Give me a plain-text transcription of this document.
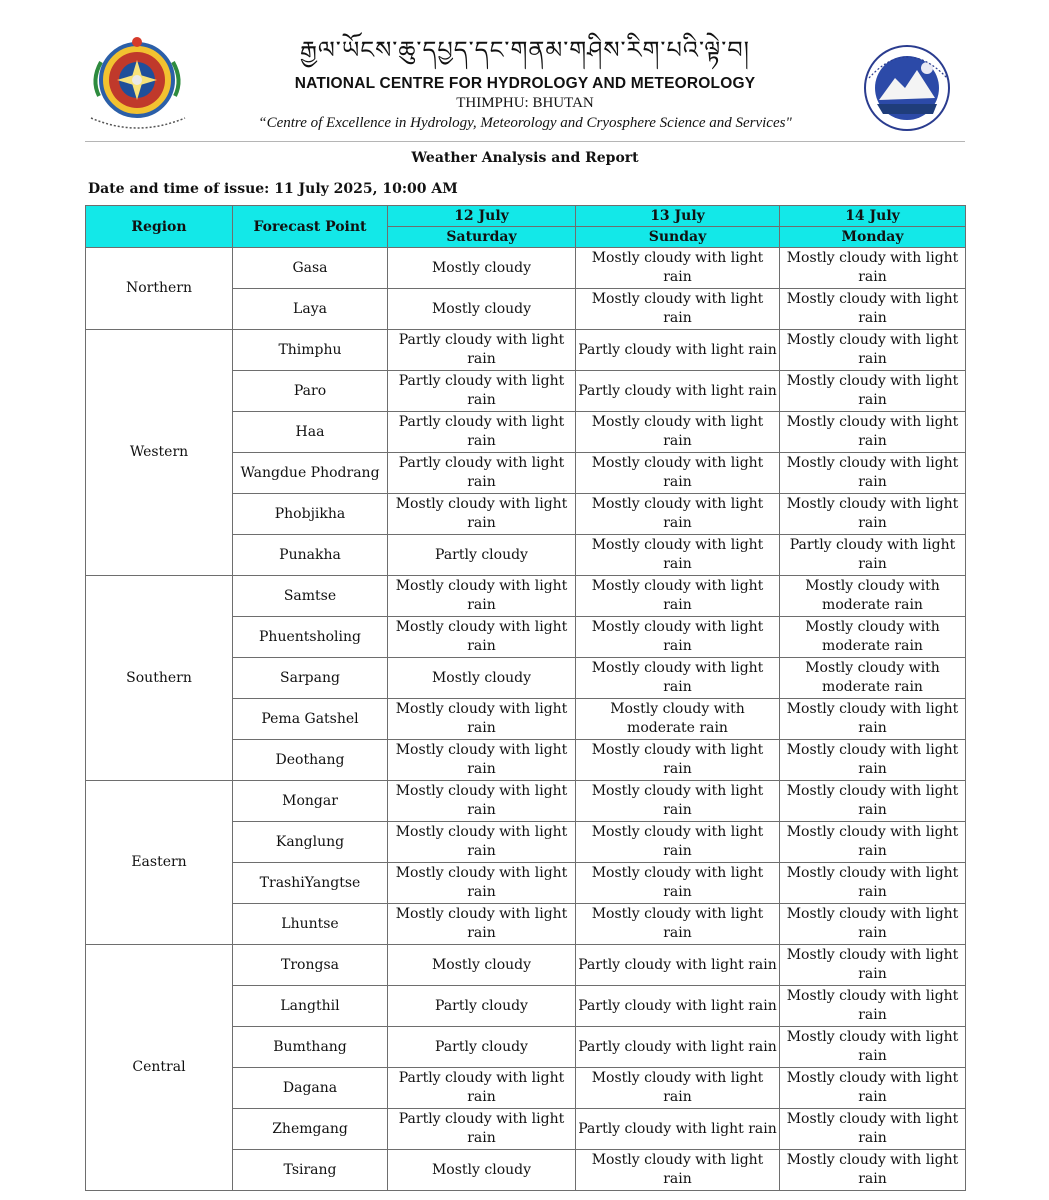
རྒྱལ་ཡོངས་ཆུ་དཔྱད་དང་གནམ་གཤིས་རིག་པའི་ལྟེ་བ།
NATIONAL CENTRE FOR HYDROLOGY AND METEOROLOGY
THIMPHU: BHUTAN
“Centre of Excellence in Hydrology, Meteorology and Cryosphere Science and Services"
Weather Analysis and Report
Date and time of issue: 11 July 2025, 10:00 AM
Region	Forecast Point	12 July	13 July	14 July
		Saturday	Sunday	Monday
Northern	Gasa	Mostly cloudy	Mostly cloudy with light rain	Mostly cloudy with light rain
	Laya	Mostly cloudy	Mostly cloudy with light rain	Mostly cloudy with light rain
Western	Thimphu	Partly cloudy with light rain	Partly cloudy with light rain	Mostly cloudy with light rain
	Paro	Partly cloudy with light rain	Partly cloudy with light rain	Mostly cloudy with light rain
	Haa	Partly cloudy with light rain	Mostly cloudy with light rain	Mostly cloudy with light rain
	Wangdue Phodrang	Partly cloudy with light rain	Mostly cloudy with light rain	Mostly cloudy with light rain
	Phobjikha	Mostly cloudy with light rain	Mostly cloudy with light rain	Mostly cloudy with light rain
	Punakha	Partly cloudy	Mostly cloudy with light rain	Partly cloudy with light rain
Southern	Samtse	Mostly cloudy with light rain	Mostly cloudy with light rain	Mostly cloudy with moderate rain
	Phuentsholing	Mostly cloudy with light rain	Mostly cloudy with light rain	Mostly cloudy with moderate rain
	Sarpang	Mostly cloudy	Mostly cloudy with light rain	Mostly cloudy with moderate rain
	Pema Gatshel	Mostly cloudy with light rain	Mostly cloudy with moderate rain	Mostly cloudy with light rain
	Deothang	Mostly cloudy with light rain	Mostly cloudy with light rain	Mostly cloudy with light rain
Eastern	Mongar	Mostly cloudy with light rain	Mostly cloudy with light rain	Mostly cloudy with light rain
	Kanglung	Mostly cloudy with light rain	Mostly cloudy with light rain	Mostly cloudy with light rain
	TrashiYangtse	Mostly cloudy with light rain	Mostly cloudy with light rain	Mostly cloudy with light rain
	Lhuntse	Mostly cloudy with light rain	Mostly cloudy with light rain	Mostly cloudy with light rain
Central	Trongsa	Mostly cloudy	Partly cloudy with light rain	Mostly cloudy with light rain
	Langthil	Partly cloudy	Partly cloudy with light rain	Mostly cloudy with light rain
	Bumthang	Partly cloudy	Partly cloudy with light rain	Mostly cloudy with light rain
	Dagana	Partly cloudy with light rain	Mostly cloudy with light rain	Mostly cloudy with light rain
	Zhemgang	Partly cloudy with light rain	Partly cloudy with light rain	Mostly cloudy with light rain
	Tsirang	Mostly cloudy	Mostly cloudy with light rain	Mostly cloudy with light rain
